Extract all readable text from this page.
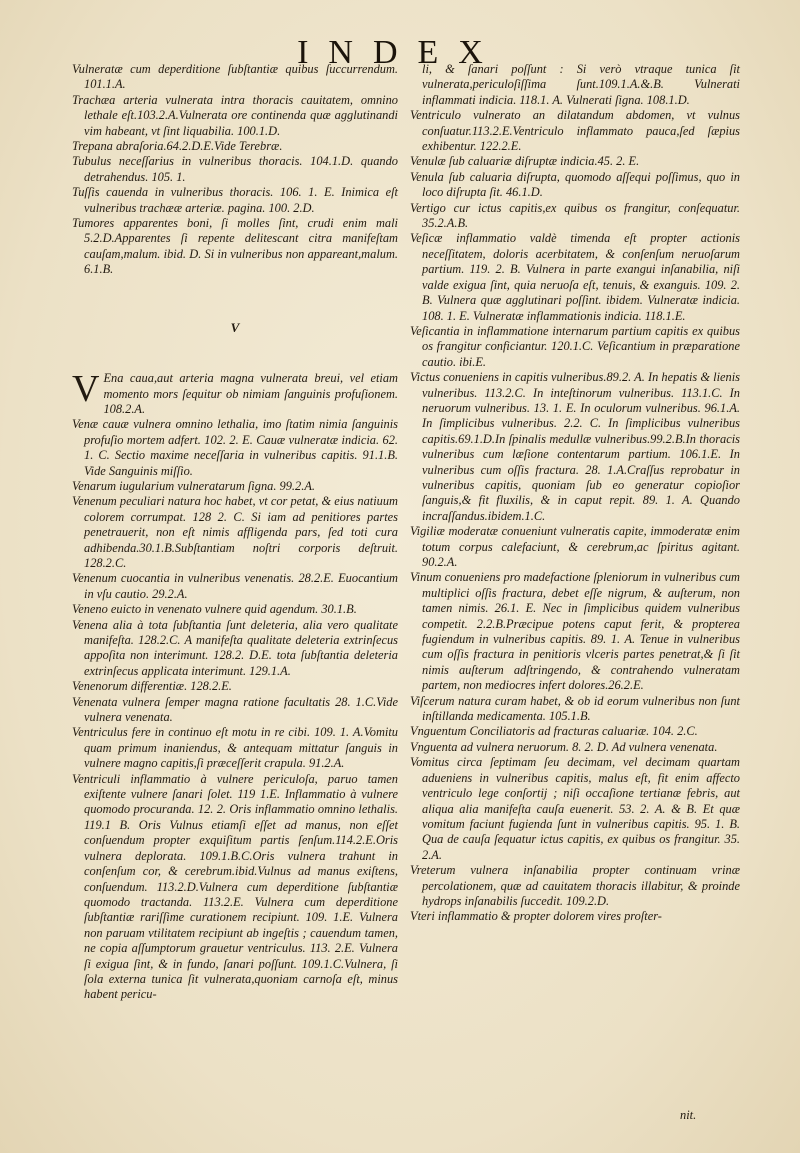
INDEX

Vulneratæ cum deperditione ſubſtantiæ quibus ſuccurrendum. 101.1.A.

Trachæa arteria vulnerata intra thoracis cauitatem, omnino lethale eſt.103.2.A.Vulnerata ore continenda quæ agglutinandi vim habeant, vt ſint liquabilia. 100.1.D.

Trepana abraſoria.64.2.D.E.Vide Terebræ.

Tubulus neceſſarius in vulneribus thoracis. 104.1.D. quando detrahendus. 105. 1.

Tuſſis cauenda in vulneribus thoracis. 106. 1. E. Inimica eſt vulneribus trachææ arteriæ. pagina. 100. 2.D.

Tumores apparentes boni, ſi molles ſint, crudi enim mali 5.2.D.Apparentes ſi repente delitescant citra manifeſtam cauſam,malum. ibid. D. Si in vulneribus non appareant,malum. 6.1.B.

V

V Ena caua,aut arteria magna vulnerata breui, vel etiam momento mors ſequitur ob nimiam ſanguinis profuſionem. 108.2.A.

Venæ cauæ vulnera omnino lethalia, imo ſtatim nimia ſanguinis profuſio mortem adfert. 102. 2. E. Cauæ vulneratæ indicia. 62. 1. C. Sectio maxime neceſſaria in vulneribus capitis. 91.1.B. Vide Sanguinis miſſio.

Venarum iugularium vulneratarum ſigna. 99.2.A.

Venenum peculiari natura hoc habet, vt cor petat, & eius natiuum colorem corrumpat. 128 2. C. Si iam ad penitiores partes penetrauerit, non eſt nimis affligenda pars, ſed toti cura adhibenda.30.1.B.Subſtantiam noſtri corporis deſtruit. 128.2.C.

Venenum cuocantia in vulneribus venenatis. 28.2.E. Euocantium in vſu cautio. 29.2.A.

Veneno euicto in venenato vulnere quid agendum. 30.1.B.

Venena alia à tota ſubſtantia ſunt deleteria, alia vero qualitate manifeſta. 128.2.C. A manifeſta qualitate deleteria extrinſecus appoſita non interimunt. 128.2. D.E. tota ſubſtantia deleteria extrinſecus applicata interimunt. 129.1.A.

Venenorum differentiæ. 128.2.E.

Venenata vulnera ſemper magna ratione facultatis 28. 1.C.Vide vulnera venenata.

Ventriculus fere in continuo eſt motu in re cibi. 109. 1. A.Vomitu quam primum inaniendus, & antequam mittatur ſanguis in vulnere magno capitis,ſi præceſſerit crapula. 91.2.A.

Ventriculi inflammatio à vulnere periculoſa, paruo tamen exiſtente vulnere ſanari ſolet. 119 1.E. Inflammatio à vulnere quomodo procuranda. 12. 2. Oris inflammatio omnino lethalis. 119.1 B. Oris Vulnus etiamſi eſſet ad manus, non eſſet conſuendum propter exquiſitum partis ſenſum.114.2.E.Oris vulnera deplorata. 109.1.B.C.Oris vulnera trahunt in conſenſum cor, & cerebrum.ibid.Vulnus ad manus exiſtens, conſuendum. 113.2.D.Vulnera cum deperditione ſubſtantiæ quomodo tractanda. 113.2.E. Vulnera cum deperditione ſubſtantiæ rariſſime curationem recipiunt. 109. 1.E. Vulnera non paruam vtilitatem recipiunt ab ingeſtis ; cauendum tamen, ne copia aſſumptorum grauetur ventriculus. 113. 2.E. Vulnera ſi exigua ſint, & in fundo, ſanari poſſunt. 109.1.C.Vulnera, ſi ſola externa tunica ſit vulnerata,quoniam carnoſa eſt, minus habent pericu-

li, & ſanari poſſunt : Si verò vtraque tunica ſit vulnerata,periculoſiſſima ſunt.109.1.A.&.B. Vulnerati inflammati indicia. 118.1. A. Vulnerati ſigna. 108.1.D.

Ventriculo vulnerato an dilatandum abdomen, vt vulnus conſuatur.113.2.E.Ventriculo inflammato pauca,ſed ſæpius exhibentur. 122.2.E.

Venulæ ſub caluariæ diſruptæ indicia.45. 2. E.

Venula ſub caluaria diſrupta, quomodo aſſequi poſſimus, quo in loco diſrupta ſit. 46.1.D.

Vertigo cur ictus capitis,ex quibus os frangitur, conſequatur. 35.2.A.B.

Veſicæ inflammatio valdè timenda eſt propter actionis neceſſitatem, doloris acerbitatem, & conſenſum neruoſarum partium. 119. 2. B. Vulnera in parte exangui inſanabilia, niſi valde exigua ſint, quia neruoſa eſt, tenuis, & exanguis. 109. 2. B. Vulnera quæ agglutinari poſſint. ibidem. Vulneratæ indicia. 108. 1. E. Vulneratæ inflammationis indicia. 118.1.E.

Veſicantia in inflammatione internarum partium capitis ex quibus os frangitur conficiantur. 120.1.C. Veſicantium in præparatione cautio. ibi.E.

Victus conueniens in capitis vulneribus.89.2. A. In hepatis & lienis vulneribus. 113.2.C. In inteſtinorum vulneribus. 113.1.C. In neruorum vulneribus. 13. 1. E. In oculorum vulneribus. 96.1.A. In ſimplicibus vulneribus. 2.2. C. In ſimplicibus vulneribus capitis.69.1.D.In ſpinalis medullæ vulneribus.99.2.B.In thoracis vulneribus cum læſione contentarum partium. 106.1.E. In vulneribus cum oſſis fractura. 28. 1.A.Craſſus reprobatur in vulneribus capitis, quoniam ſub eo generatur copioſior ſanguis,& fit fluxilis, & in caput repit. 89. 1. A. Quando incraſſandus.ibidem.1.C.

Vigiliæ moderatæ conueniunt vulneratis capite, immoderatæ enim totum corpus calefaciunt, & cerebrum,ac ſpiritus agitant. 90.2.A.

Vinum conueniens pro madefactione ſpleniorum in vulneribus cum multiplici oſſis fractura, debet eſſe nigrum, & auſterum, non tamen nimis. 26.1. E. Nec in ſimplicibus quidem vulneribus competit. 2.2.B.Præcipue potens caput ferit, & propterea fugiendum in vulneribus capitis. 89. 1. A. Tenue in vulneribus cum oſſis fractura in penitioris vlceris partes penetrat,& ſi ſit nimis auſterum adſtringendo, & contrahendo vulneratam partem, non mediocres infert dolores.26.2.E.

Viſcerum natura curam habet, & ob id eorum vulneribus non ſunt inſtillanda medicamenta. 105.1.B.

Vnguentum Conciliatoris ad fracturas caluariæ. 104. 2.C.

Vnguenta ad vulnera neruorum. 8. 2. D. Ad vulnera venenata.

Vomitus circa ſeptimam ſeu decimam, vel decimam quartam adueniens in vulneribus capitis, malus eſt, fit enim affecto ventriculo lege conſortij ; niſi occaſione tertianæ febris, aut aliqua alia manifeſta cauſa euenerit. 53. 2. A. & B. Et quæ vomitum faciunt fugienda ſunt in vulneribus capitis. 95. 1. B. Qua de cauſa ſequatur ictus capitis, ex quibus os frangitur. 35. 2.A.

Vreterum vulnera inſanabilia propter continuam vrinæ percolationem, quæ ad cauitatem thoracis illabitur, & proinde hydrops inſanabilis ſuccedit. 109.2.D.

Vteri inflammatio & propter dolorem vires proſter-

nit.
